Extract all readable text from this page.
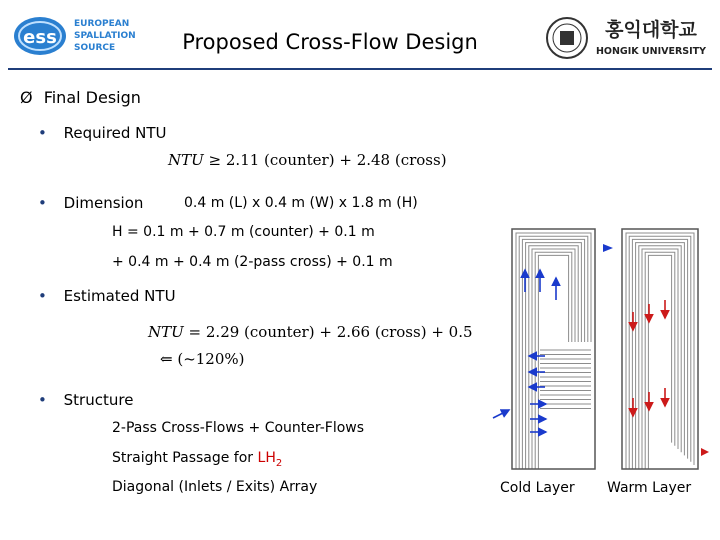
ess
EUROPEAN
SPALLATION
SOURCE	Proposed Cross-Flow Design	홍익대학교
HONGIK UNIVERSITY
Ø Final Design
• Required NTU
NTU ≥ 2.11 (counter) + 2.48 (cross)
• Dimension	0.4 m (L) x 0.4 m (W) x 1.8 m (H)
H = 0.1 m + 0.7 m (counter) + 0.1 m
+ 0.4 m + 0.4 m (2-pass cross) + 0.1 m
• Estimated NTU
NTU = 2.29 (counter) + 2.66 (cross) + 0.5
⇐ (~120%)
• Structure
2-Pass Cross-Flows + Counter-Flows
Straight Passage for $LH_2$
Diagonal (Inlets / Exits) Array	Cold Layer Warm Layer
